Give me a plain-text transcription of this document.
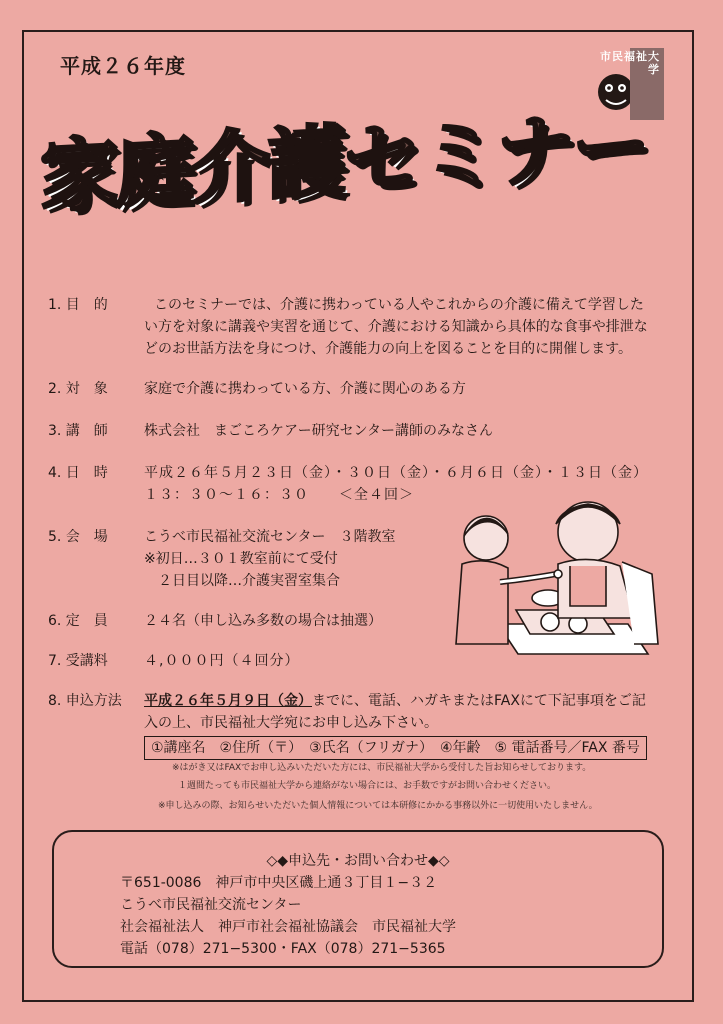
平成２６年度	市民福祉大学
家庭介護セミナー
1. 目　的	このセミナーでは、介護に携わっている人やこれからの介護に備えて学習した

い方を対象に講義や実習を通じて、介護における知識から具体的な食事や排泄な

どのお世話方法を身につけ、介護能力の向上を図ることを目的に開催します。

2. 対　象	家庭で介護に携わっている方、介護に関心のある方

3. 講　師	株式会社　まごころケアー研究センター講師のみなさん

4. 日　時	平成２６年５月２３日（金）・３０日（金）・６月６日（金）・１３日（金）

１３：３０〜１６：３０　　＜全４回＞

5. 会　場	こうべ市民福祉交流センター　３階教室

※初日…３０１教室前にて受付

２日目以降…介護実習室集合

6. 定　員	２４名（申し込み多数の場合は抽選）

7. 受講料	４,０００円（４回分）

8. 申込方法	平成２６年５月９日（金）までに、電話、ハガキまたはFAXにて下記事項をご記

入の上、市民福祉大学宛にお申し込み下さい。

①講座名　②住所（〒）　③氏名（フリガナ）　④年齢　⑤ 電話番号／FAX 番号
※はがき又はFAXでお申し込みいただいた方には、市民福祉大学から受付した旨お知らせしております。
１週間たっても市民福祉大学から連絡がない場合には、お手数ですがお問い合わせください。
※申し込みの際、お知らせいただいた個人情報については本研修にかかる事務以外に一切使用いたしません。
◇◆申込先・お問い合わせ◆◇
〒651-0086　神戸市中央区磯上通３丁目１−３２
こうべ市民福祉交流センター
社会福祉法人　神戸市社会福祉協議会　市民福祉大学
電話（078）271−5300・FAX（078）271−5365
